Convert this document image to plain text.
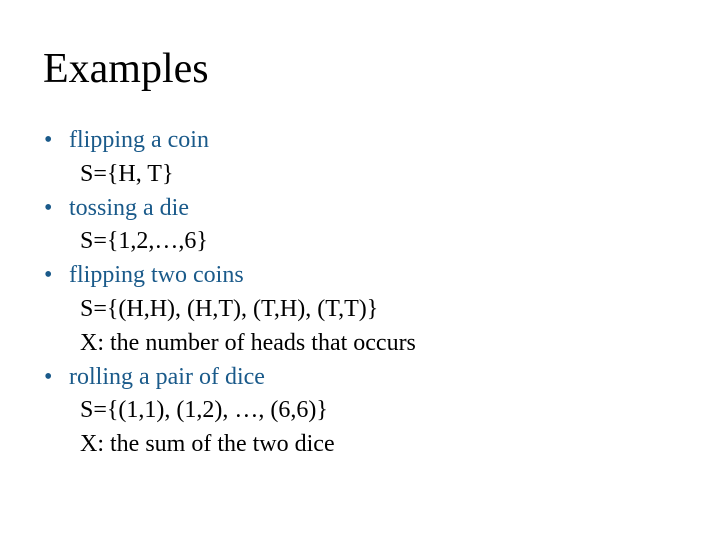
Examples
• flipping a coin
S={H, T}
• tossing a die
S={1,2,…,6}
• flipping two coins
S={(H,H), (H,T), (T,H), (T,T)}
X: the number of heads that occurs
• rolling a pair of dice
S={(1,1), (1,2), …, (6,6)}
X: the sum of the two dice
